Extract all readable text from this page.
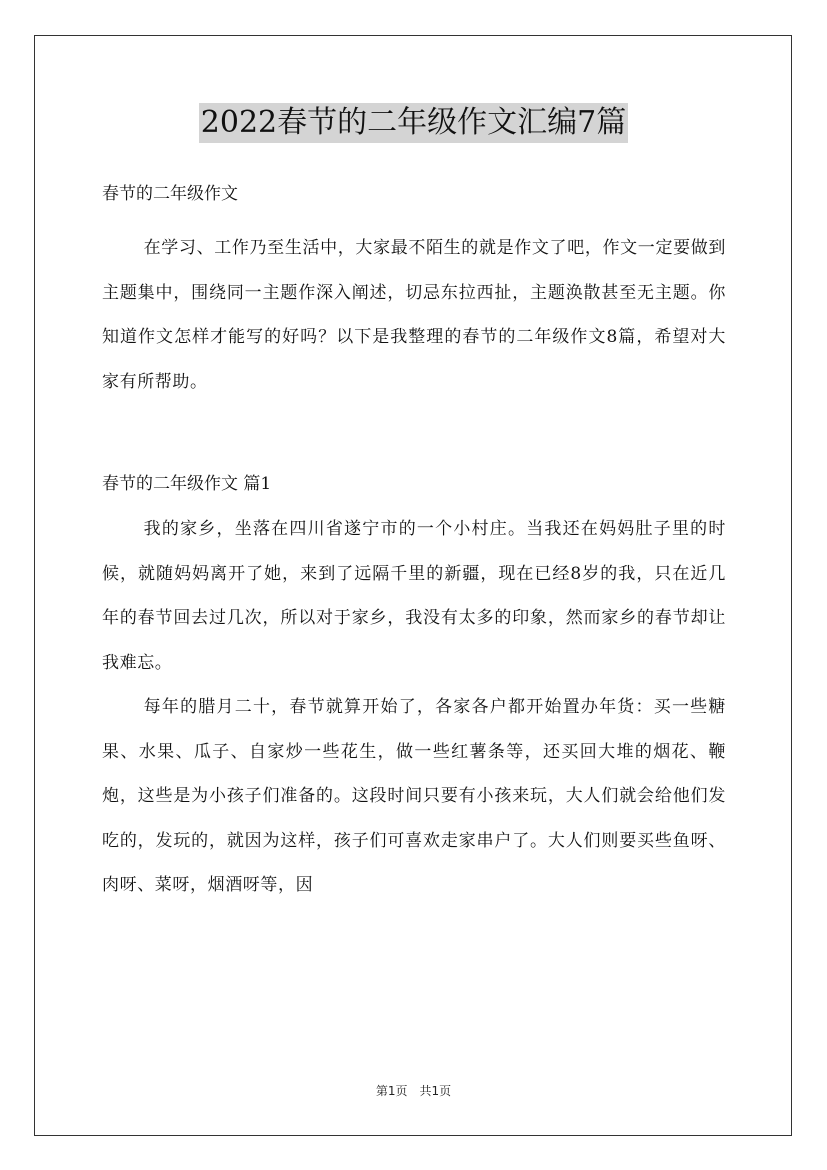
2022春节的二年级作文汇编7篇

春节的二年级作文

在学习、工作乃至生活中，大家最不陌生的就是作文了吧，作文一定要做到主题集中，围绕同一主题作深入阐述，切忌东拉西扯，主题涣散甚至无主题。你知道作文怎样才能写的好吗？以下是我整理的春节的二年级作文8篇，希望对大家有所帮助。

春节的二年级作文 篇1

我的家乡，坐落在四川省遂宁市的一个小村庄。当我还在妈妈肚子里的时候，就随妈妈离开了她，来到了远隔千里的新疆，现在已经8岁的我，只在近几年的春节回去过几次，所以对于家乡，我没有太多的印象，然而家乡的春节却让我难忘。

每年的腊月二十，春节就算开始了，各家各户都开始置办年货：买一些糖果、水果、瓜子、自家炒一些花生，做一些红薯条等，还买回大堆的烟花、鞭炮，这些是为小孩子们准备的。这段时间只要有小孩来玩，大人们就会给他们发吃的，发玩的，就因为这样，孩子们可喜欢走家串户了。大人们则要买些鱼呀、肉呀、菜呀，烟酒呀等，因

第1页　共1页
